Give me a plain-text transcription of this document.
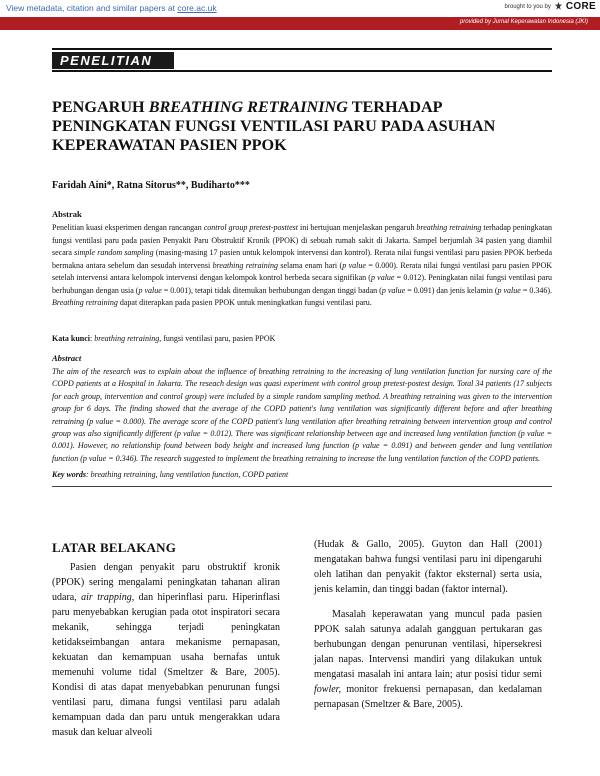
View metadata, citation and similar papers at core.ac.uk	brought to you by CORE
provided by Jurnal Keperawatan Indonesia (JKI)
PENELITIAN
PENGARUH BREATHING RETRAINING TERHADAP PENINGKATAN FUNGSI VENTILASI PARU PADA ASUHAN KEPERAWATAN PASIEN PPOK
Faridah Aini*, Ratna Sitorus**, Budiharto***
Abstrak
Penelitian kuasi eksperimen dengan rancangan control group pretest-posttest ini bertujuan menjelaskan pengaruh breathing retraining terhadap peningkatan fungsi ventilasi paru pada pasien Penyakit Paru Obstruktif Kronik (PPOK) di sebuah rumah sakit di Jakarta. Sampel berjumlah 34 pasien yang diambil secara simple random sampling (masing-masing 17 pasien untuk kelompok intervensi dan kontrol). Rerata nilai fungsi ventilasi paru pasien PPOK berbeda bermakna antara sebelum dan sesudah intervensi breathing retraining selama enam hari (p value = 0.000). Rerata nilai fungsi ventilasi paru pasien PPOK setelah intervensi antara kelompok intervensi dengan kelompok kontrol berbeda secara signifikan (p value = 0.012). Peningkatan nilai fungsi ventilasi paru berhubungan dengan usia (p value = 0.001), tetapi tidak ditemukan berhubungan dengan tinggi badan (p value = 0.091) dan jenis kelamin (p value = 0.346). Breathing retraining dapat diterapkan pada pasien PPOK untuk meningkatkan fungsi ventilasi paru.
Kata kunci: breathing retraining, fungsi ventilasi paru, pasien PPOK
Abstract
The aim of the research was to explain about the influence of breathing retraining to the increasing of lung ventilation function for nursing care of the COPD patients at a Hospital in Jakarta. The reseach design was quasi experiment with control group pretest-postest design. Total 34 patients (17 subjects for each group, intervention and control group) were included by a simple random sampling method. A breathing retraining was given to the intervention group for 6 days. The finding showed that the average of the COPD patient's lung ventilation was significantly different before and after breathing retraining (p value = 0.000). The average score of the COPD patient's lung ventilation after breathing retraining between intervention group and control group was also significantly different (p value = 0.012). There was significant relationship between age and increased lung ventilation function (p value = 0.001). However, no relationship found between body height and increased lung function (p value = 0.091) and between gender and lung ventilation function (p value = 0.346). The research suggested to implement the breathing retraining to increase the lung ventilation function of the COPD patients.
Key words: breathing retraining, lung ventilation function, COPD patient
LATAR BELAKANG

Pasien dengan penyakit paru obstruktif kronik (PPOK) sering mengalami peningkatan tahanan aliran udara, air trapping, dan hiperinflasi paru. Hiperinflasi paru menyebabkan kerugian pada otot inspiratori secara mekanik, sehingga terjadi peningkatan ketidakseimbangan antara mekanisme pernapasan, kekuatan dan kemampuan usaha bernafas untuk memenuhi volume tidal (Smeltzer & Bare, 2005). Kondisi di atas dapat menyebabkan penurunan fungsi ventilasi paru, dimana fungsi ventilasi paru adalah kemampuan dada dan paru untuk mengerakkan udara masuk dan keluar alveoli

(Hudak & Gallo, 2005). Guyton dan Hall (2001) mengatakan bahwa fungsi ventilasi paru ini dipengaruhi oleh latihan dan penyakit (faktor eksternal) serta usia, jenis kelamin, dan tinggi badan (faktor internal).

Masalah keperawatan yang muncul pada pasien PPOK salah satunya adalah gangguan pertukaran gas berhubungan dengan penurunan ventilasi, hipersekresi jalan napas. Intervensi mandiri yang dilakukan untuk mengatasi masalah ini antara lain; atur posisi tidur semi fowler, monitor frekuensi pernapasan, dan kedalaman pernapasan (Smeltzer & Bare, 2005).
